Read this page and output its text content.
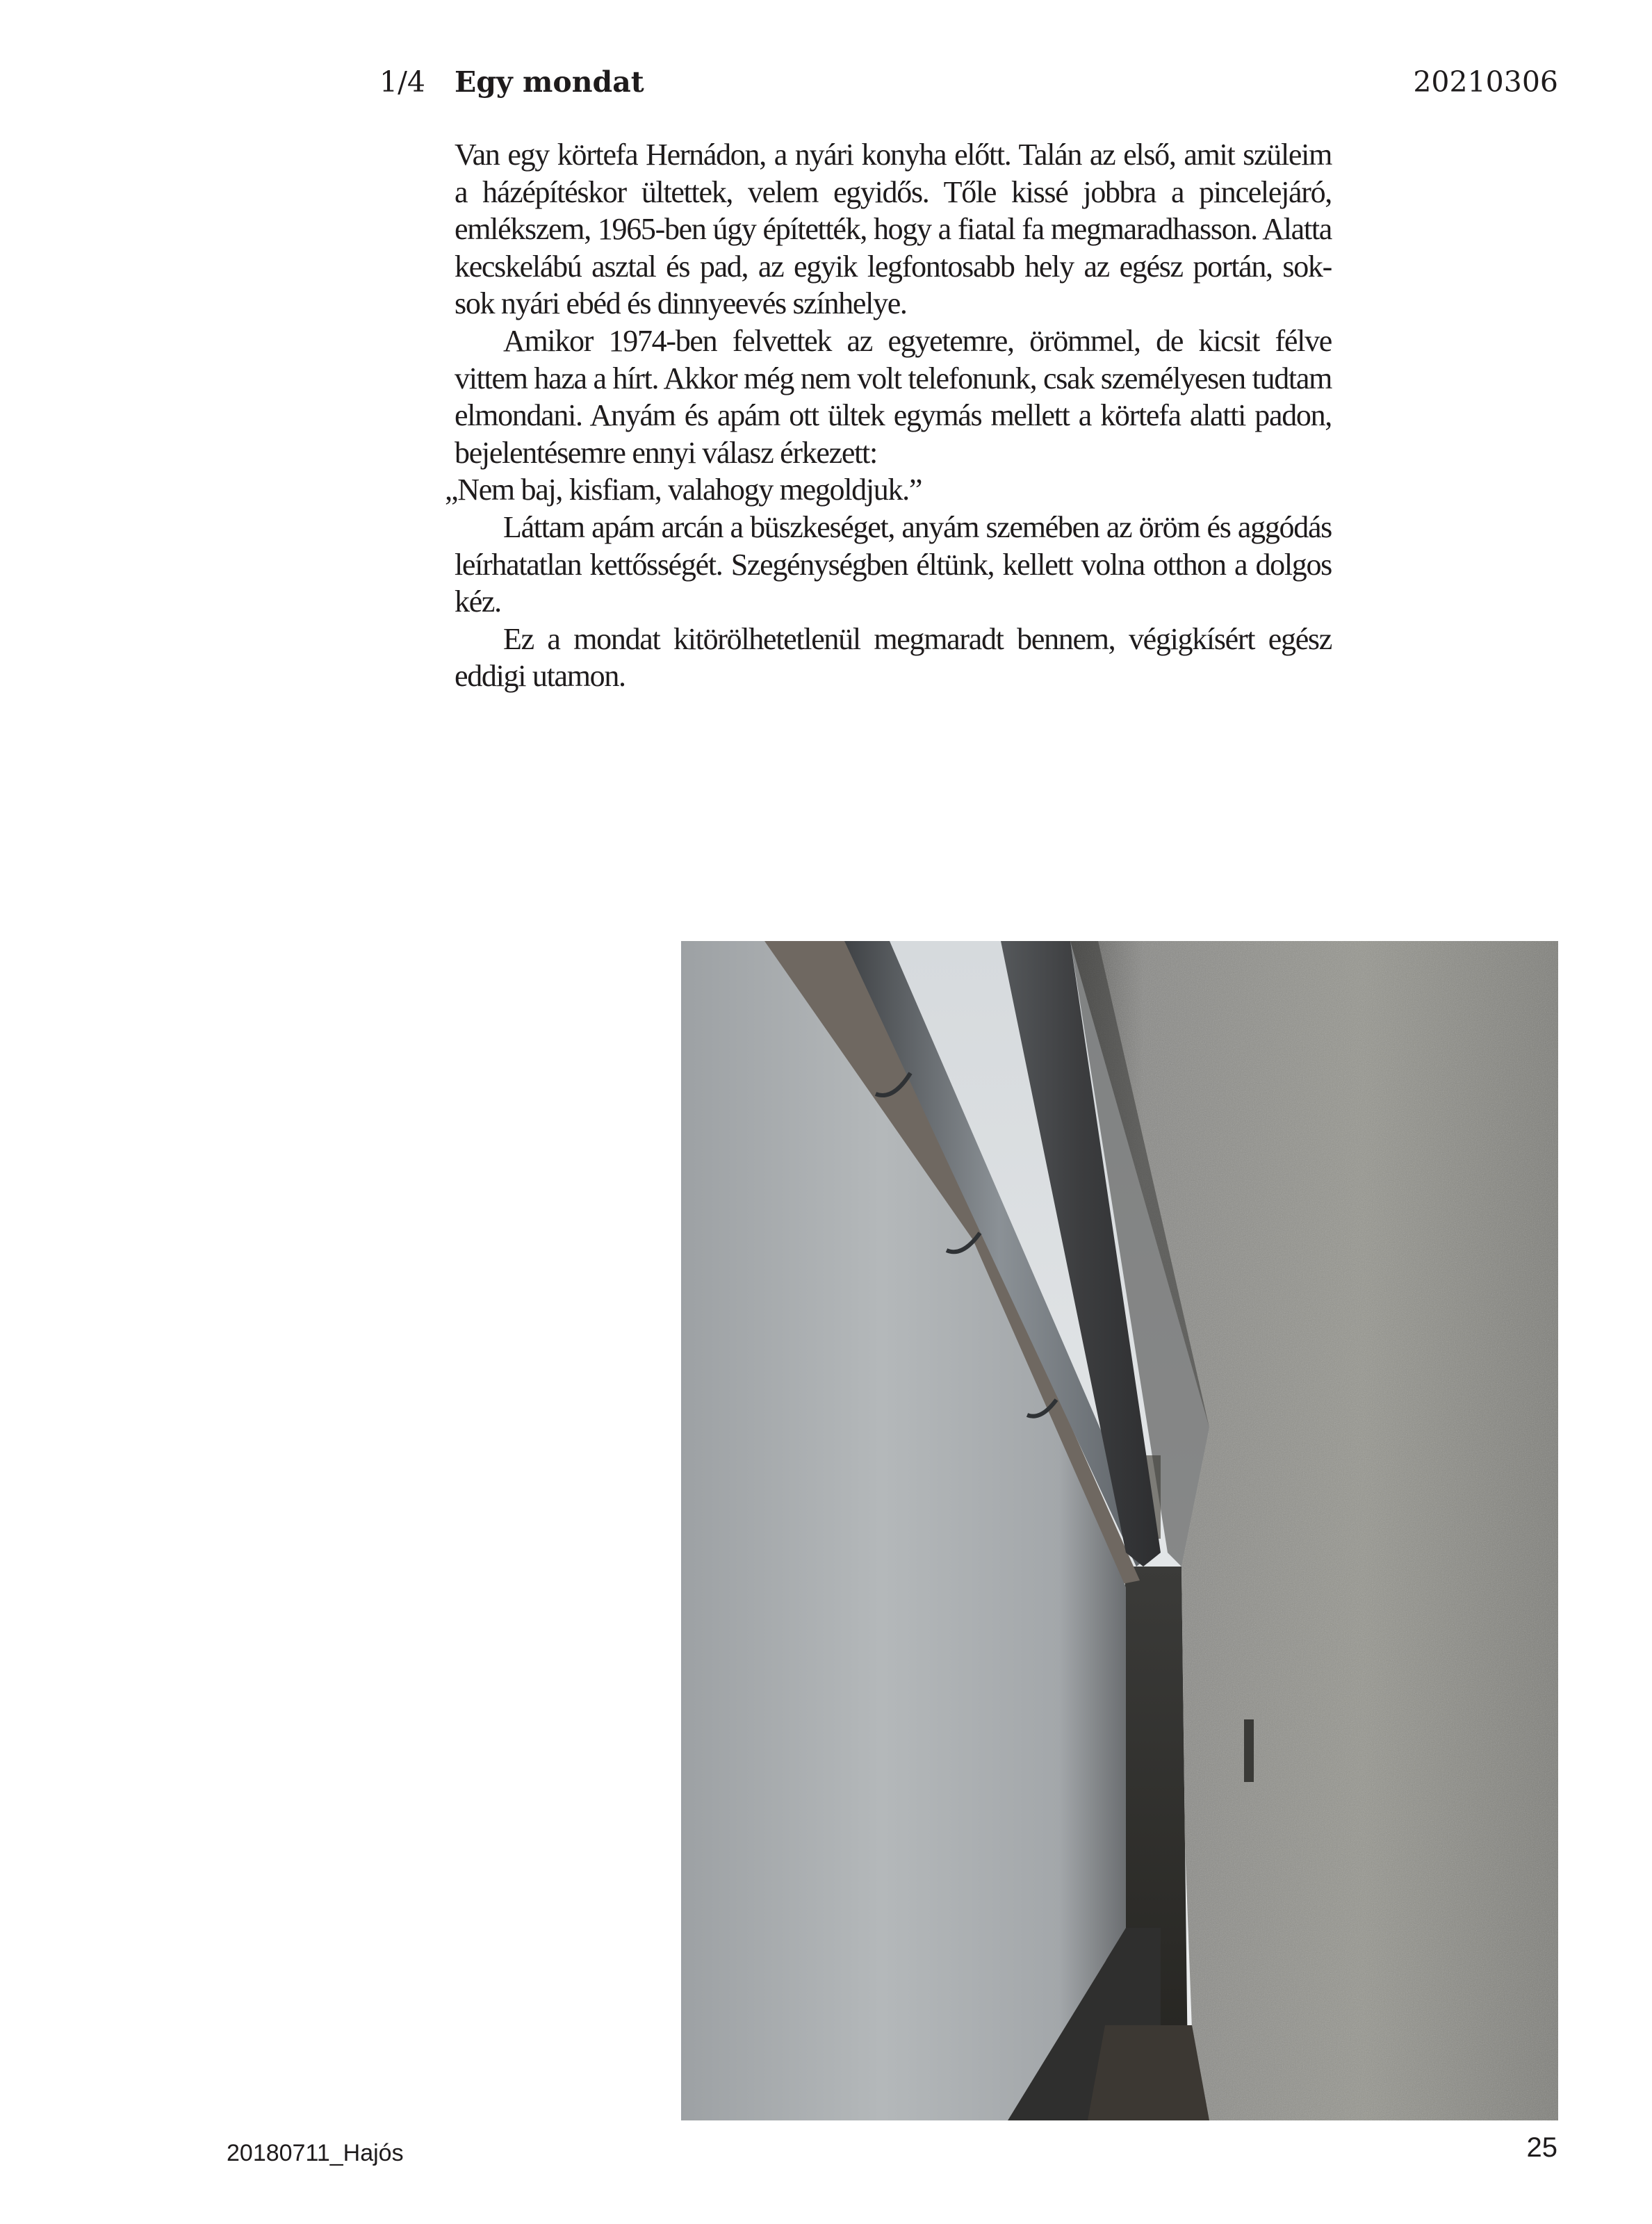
1/4 Egy mondat	20210306

Van egy körtefa Hernádon, a nyári konyha előtt. Talán az első, amit szüleim a házépítéskor ültettek, velem egyidős. Tőle kissé jobbra a pincelejáró, emlékszem, 1965-ben úgy építették, hogy a fiatal fa megmaradhasson. Alatta kecskelábú asztal és pad, az egyik legfontosabb hely az egész portán, sok-sok nyári ebéd és dinnyeevés színhelye.

Amikor 1974-ben felvettek az egyetemre, örömmel, de kicsit félve vittem haza a hírt. Akkor még nem volt telefonunk, csak személyesen tudtam elmondani. Anyám és apám ott ültek egymás mellett a körtefa alatti padon, bejelentésemre ennyi válasz érkezett:

„Nem baj, kisfiam, valahogy megoldjuk.”

Láttam apám arcán a büszkeséget, anyám szemében az öröm és aggódás leírhatatlan kettősségét. Szegénységben éltünk, kellett volna otthon a dolgos kéz.

Ez a mondat kitörölhetetlenül megmaradt bennem, végigkísért egész eddigi utamon.

20180711_Hajós	25
